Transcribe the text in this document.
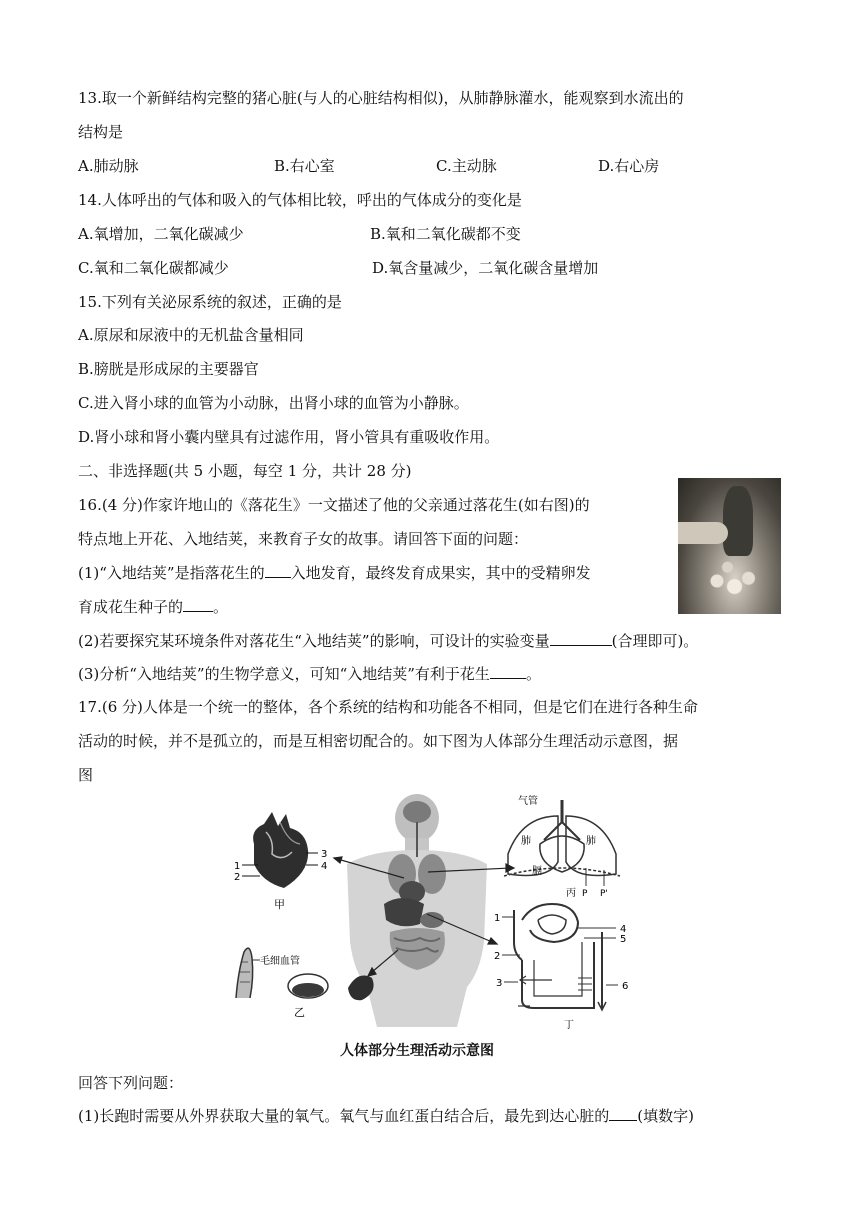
13.取一个新鲜结构完整的猪心脏(与人的心脏结构相似)，从肺静脉灌水，能观察到水流出的
结构是
A.肺动脉	B.右心室	C.主动脉	D.右心房
14.人体呼出的气体和吸入的气体相比较，呼出的气体成分的变化是
A.氧增加，二氧化碳减少	B.氧和二氧化碳都不变
C.氧和二氧化碳都减少	D.氧含量减少，二氧化碳含量增加
15.下列有关泌尿系统的叙述，正确的是
A.原尿和尿液中的无机盐含量相同
B.膀胱是形成尿的主要器官
C.进入肾小球的血管为小动脉，出肾小球的血管为小静脉。
D.肾小球和肾小囊内壁具有过滤作用，肾小管具有重吸收作用。
二、非选择题(共 5 小题，每空 1 分，共计 28 分)
16.(4 分)作家许地山的《落花生》一文描述了他的父亲通过落花生(如右图)的
特点地上开花、入地结荚，来教育子女的故事。请回答下面的问题：
(1)“入地结荚”是指落花生的 入地发育，最终发育成果实，其中的受精卵发
育成花生种子的 。
(2)若要探究某环境条件对落花生“入地结荚”的影响，可设计的实验变量	(合理即可)。
(3)分析“入地结荚”的生物学意义，可知“入地结荚”有利于花生 。
17.(6 分)人体是一个统一的整体，各个系统的结构和功能各不相同，但是它们在进行各种生命
活动的时候，并不是孤立的，而是互相密切配合的。如下图为人体部分生理活动示意图，据
图
1
2
3
4
甲
气管
肺	肺
膈
P P'
丙
1
2
3
4
5
6
丁
毛细血管
乙
人体部分生理活动示意图
回答下列问题：
(1)长跑时需要从外界获取大量的氧气。氧气与血红蛋白结合后，最先到达心脏的 (填数字)
